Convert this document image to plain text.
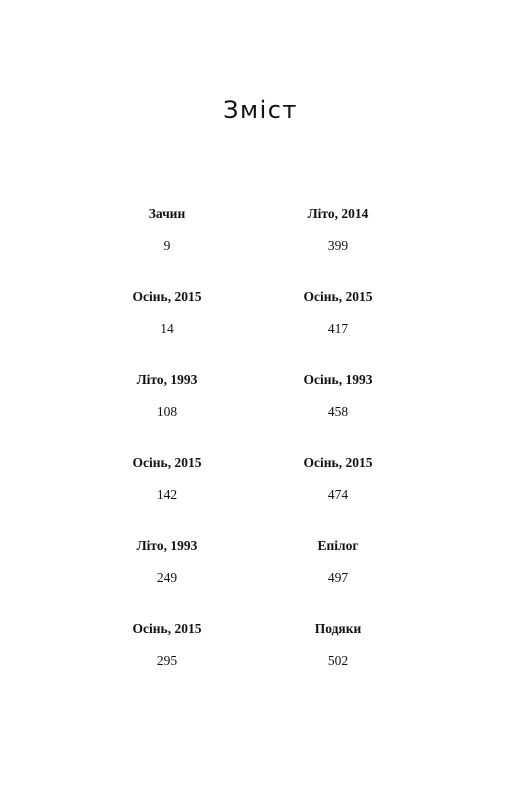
Зміст
Зачин
9
Осінь, 2015
14
Літо, 1993
108
Осінь, 2015
142
Літо, 1993
249
Осінь, 2015
295
Літо, 2014
399
Осінь, 2015
417
Осінь, 1993
458
Осінь, 2015
474
Епілог
497
Подяки
502
